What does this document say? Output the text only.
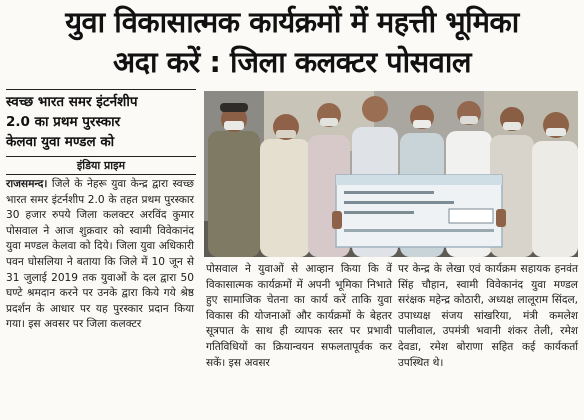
युवा विकासात्मक कार्यक्रमों में महत्ती भूमिका
अदा करें : जिला कलक्टर पोसवाल
स्वच्छ भारत समर इंटर्नशीप
2.0 का प्रथम पुरस्कार
केलवा युवा मण्डल को
इंडिया प्राइम
राजसमन्द। जिले के नेहरू युवा केन्द्र द्वारा स्वच्छ भारत समर इंटर्नशीप 2.0 के तहत प्रथम पुरस्कार 30 हजार रुपये जिला कलक्टर अरविंद कुमार पोसवाल ने आज शुक्रवार को स्वामी विवेकानंद युवा मण्डल केलवा को दिये। जिला युवा अधिकारी पवन घोसलिया ने बताया कि जिले में 10 जून से 31 जुलाई 2019 तक युवाओं के दल द्वारा 50 घण्टे श्रमदान करने पर उनके द्वारा किये गये श्रेष्ठ प्रदर्शन के आधार पर यह पुरस्कार प्रदान किया गया। इस अवसर पर जिला कलक्टर
पोसवाल ने युवाओं से आव्हान किया कि वें विकासात्मक कार्यक्रमों में अपनी भूमिका निभाते हुए सामाजिक चेतना का कार्य करें ताकि युवा विकास की योजनाओं और कार्यक्रमों के बेहतर सूत्रपात के साथ ही व्यापक स्तर पर प्रभावी गतिविधियों का क्रियान्वयन सफलतापूर्वक कर सकें। इस अवसर
पर केन्द्र के लेखा एवं कार्यक्रम सहायक हनवंत सिंह चौहान, स्वामी विवेकानंद युवा मण्डल सरंक्षक महेन्द्र कोठारी, अध्यक्ष लालूराम सिंदल, उपाध्यक्ष संजय सांखरिया, मंत्री कमलेश पालीवाल, उपमंत्री भवानी शंकर तेली, रमेश देवडा, रमेश बोराणा सहित कई कार्यकर्ता उपस्थित थे।
